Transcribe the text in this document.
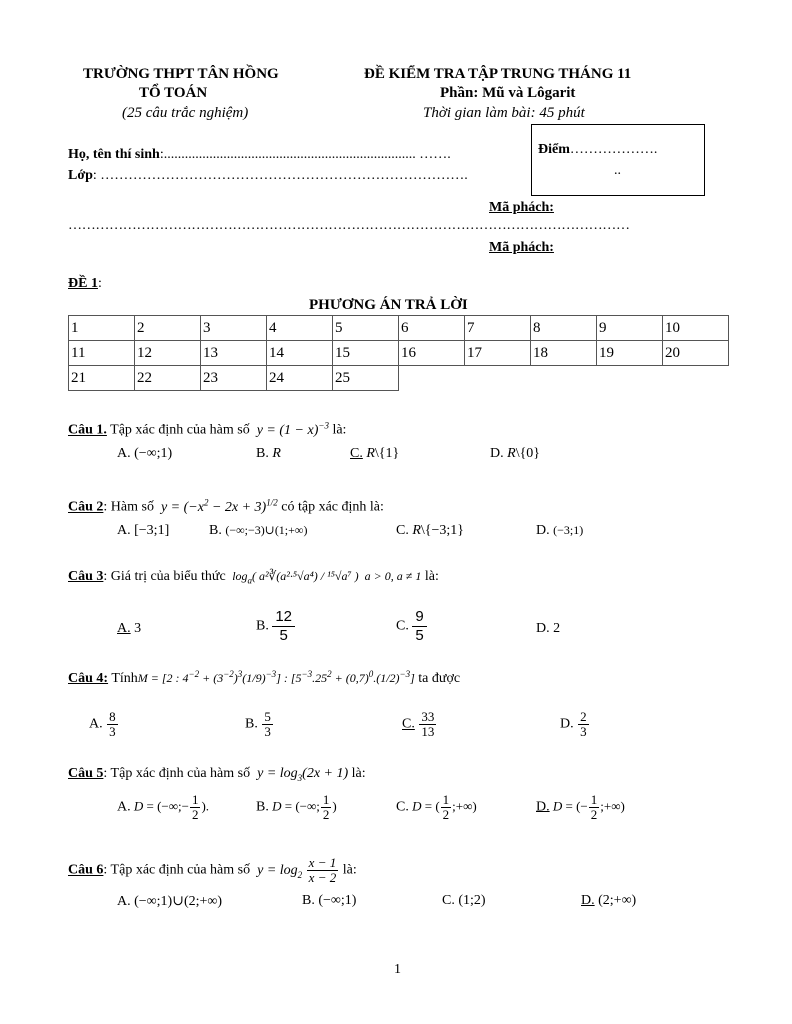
TRƯỜNG THPT TÂN HỒNG
TỔ TOÁN
(25 câu trắc nghiệm)
ĐỀ KIỂM TRA TẬP TRUNG THÁNG 11
Phần: Mũ và Lôgarit
Thời gian làm bài: 45 phút
Họ, tên thí sinh:........................................................................ …….
Lớp: …………………………………………………………………….
Điểm……………….
..
Mã phách:
……………………………………………………………………………………………………………
Mã phách:
ĐỀ 1:
PHƯƠNG ÁN TRẢ LỜI
1	2	3	4	5	6	7	8	9	10
11	12	13	14	15	16	17	18	19	20
21	22	23	24	25					
Câu 1. Tập xác định của hàm số  $y = (1 - x)^{-3}$ là:
A. (−∞;1)	B. R	C. R\{1}	D. R\{0}
Câu 2: Hàm số  $y = (-x^2 - 2x + 3)^{1/2}$ có tập xác định là:
A. [−3;1]	B. (−∞;−3)∪(1;+∞)	C. R\{−3;1}	D. (−3;1)
Câu 3: Giá trị của biểu thức  $\log_a$( a²∛(a²·⁵√a⁴) / ¹⁵√a⁷ )  a > 0, a ≠ 1 là:
A. 3	B. $\frac{12}{5}$	C. $\frac{9}{5}$	D. 2
Câu 4: TínhM = [2 : $4^{-2} + (3^{-2})^3(1/9)^{-3}$] : $[5^{-3}.25^2 + (0,7)^0.(1/2)^{-3}]$ ta được
A. $\frac{8}{3}$	B. $\frac{5}{3}$	C. $\frac{33}{13}$	D. $\frac{2}{3}$
Câu 5: Tập xác định của hàm số  $y = \log_3(2x + 1)$ là:
A. D = (−∞;− $\frac{1}{2}$ ).	B. D = (−∞; $\frac{1}{2}$ )	C. D = ( $\frac{1}{2}$ ;+∞)	D. D = (− $\frac{1}{2}$ ;+∞)
Câu 6: Tập xác định của hàm số  $y = \log_2 \frac{x - 1}{x - 2}$ là:
A. (−∞;1)∪(2;+∞)	B. (−∞;1)	C. (1;2)	D. (2;+∞)
1
